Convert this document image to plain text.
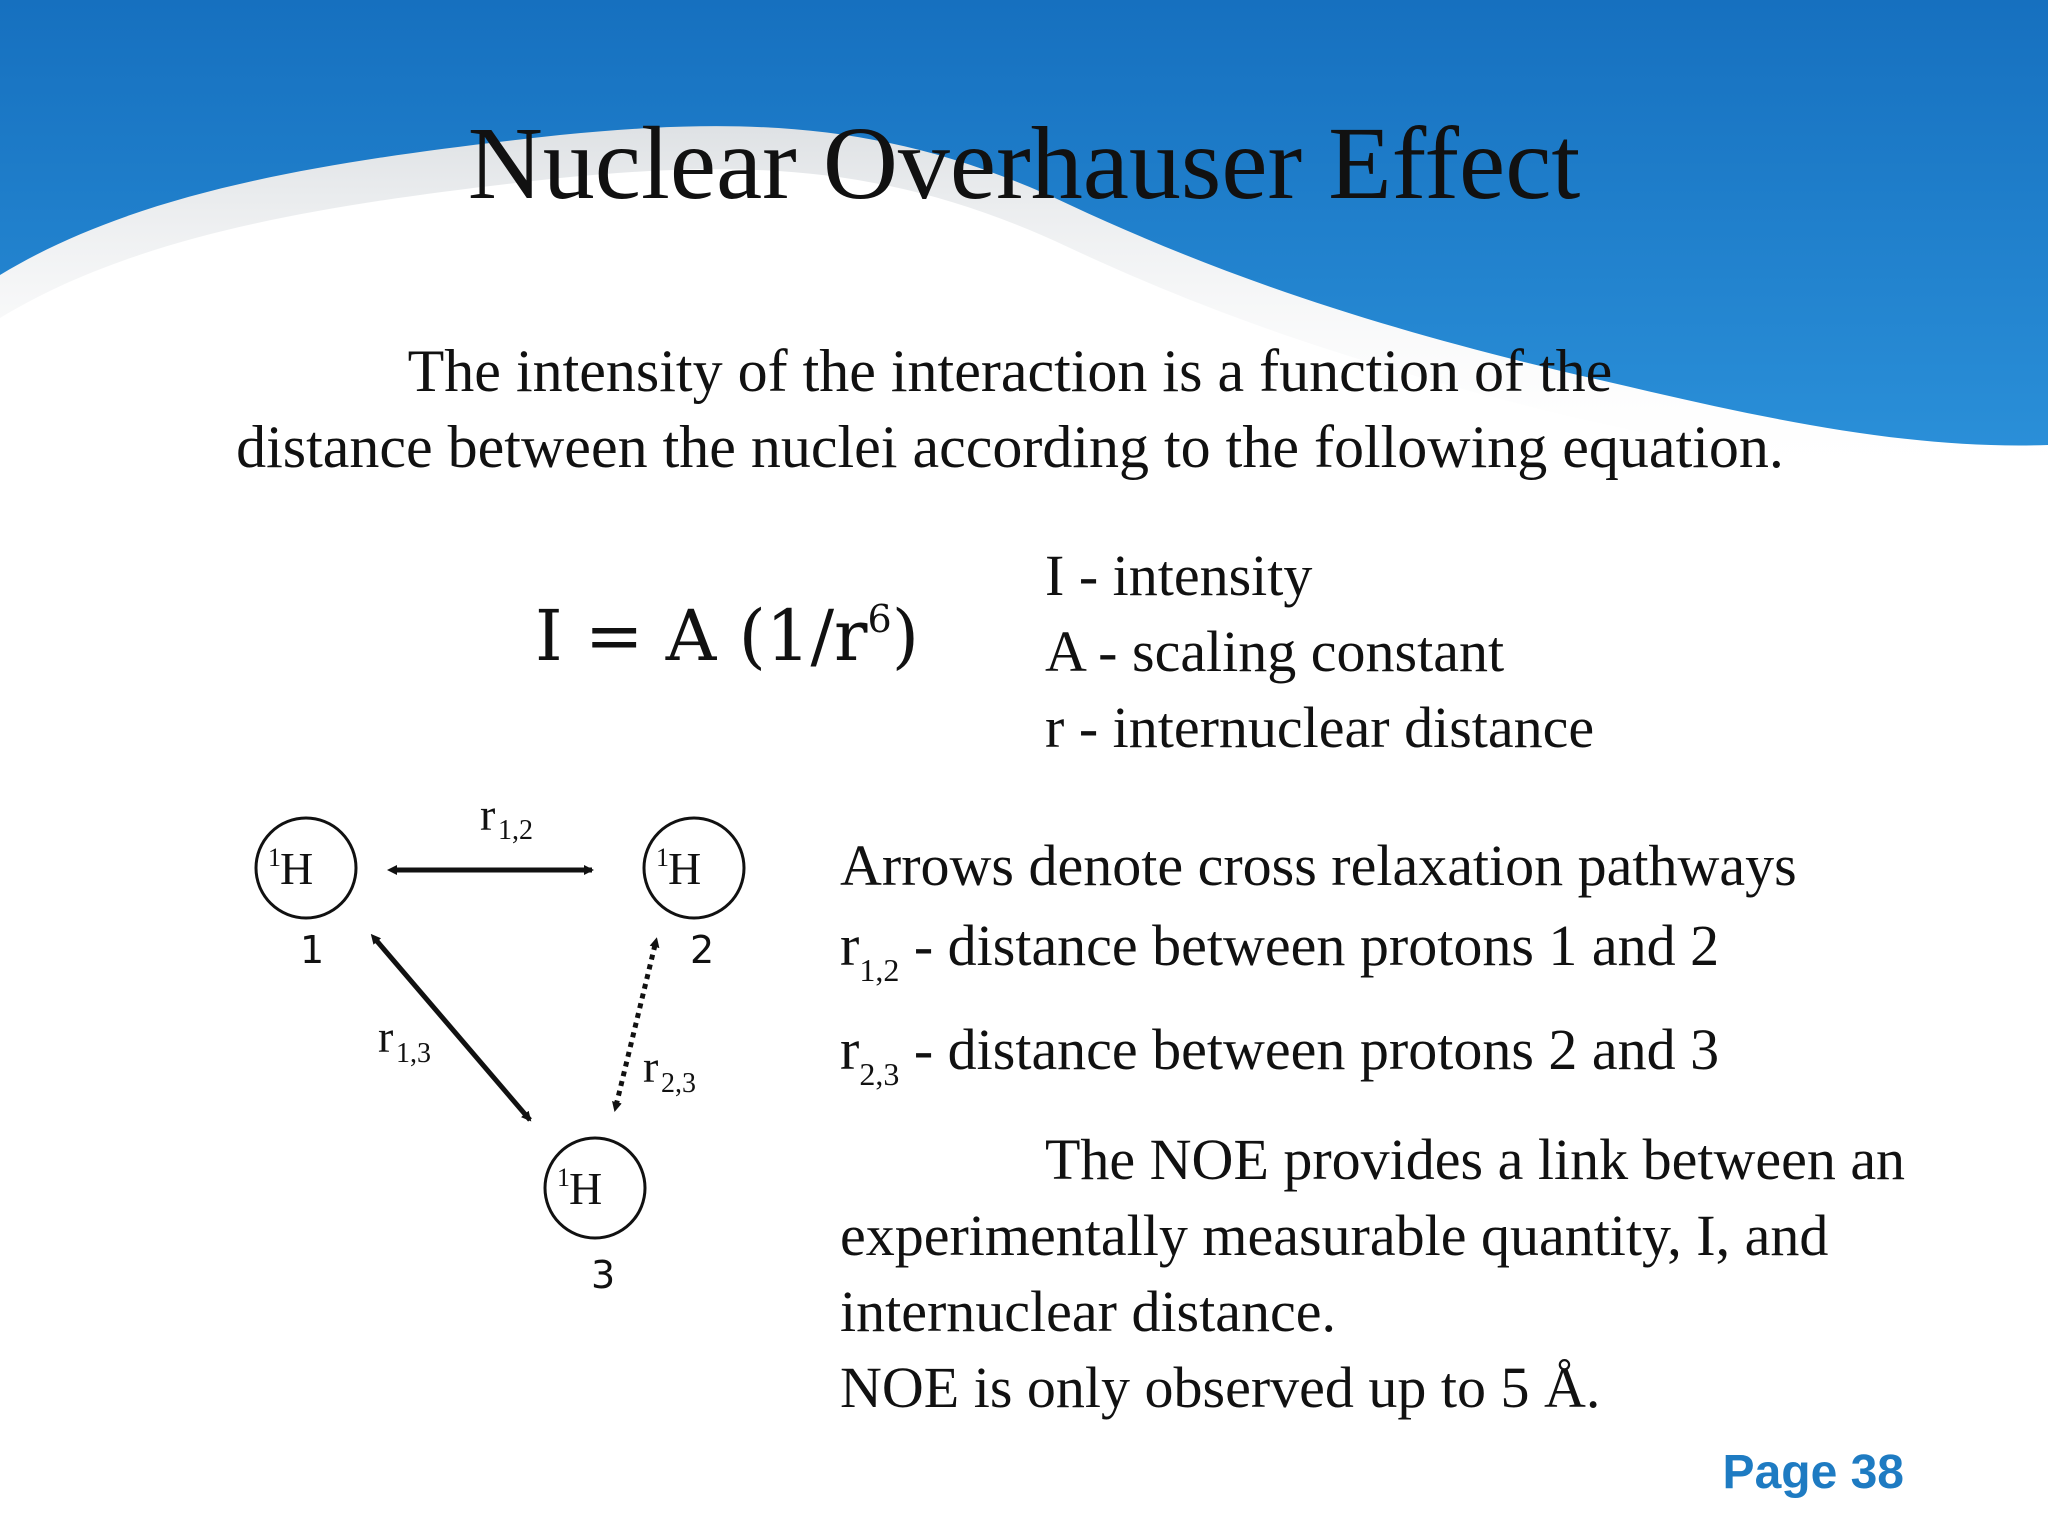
Nuclear Overhauser Effect
The intensity of the interaction is a function of the
distance between the nuclei according to the following equation.
I = A $(1/r^6)$
I - intensity
A - scaling constant
r - internuclear distance
1 H
1
1 H
2
1 H
3
r 1,2
r 1,3	r 2,3
Arrows denote cross relaxation pathways
$r_{1,2}$ - distance between protons 1 and 2
$r_{2,3}$ - distance between protons 2 and 3
The NOE provides a link between an
experimentally measurable quantity, I, and
internuclear distance.
NOE is only observed up to 5 Å.
Page 38
